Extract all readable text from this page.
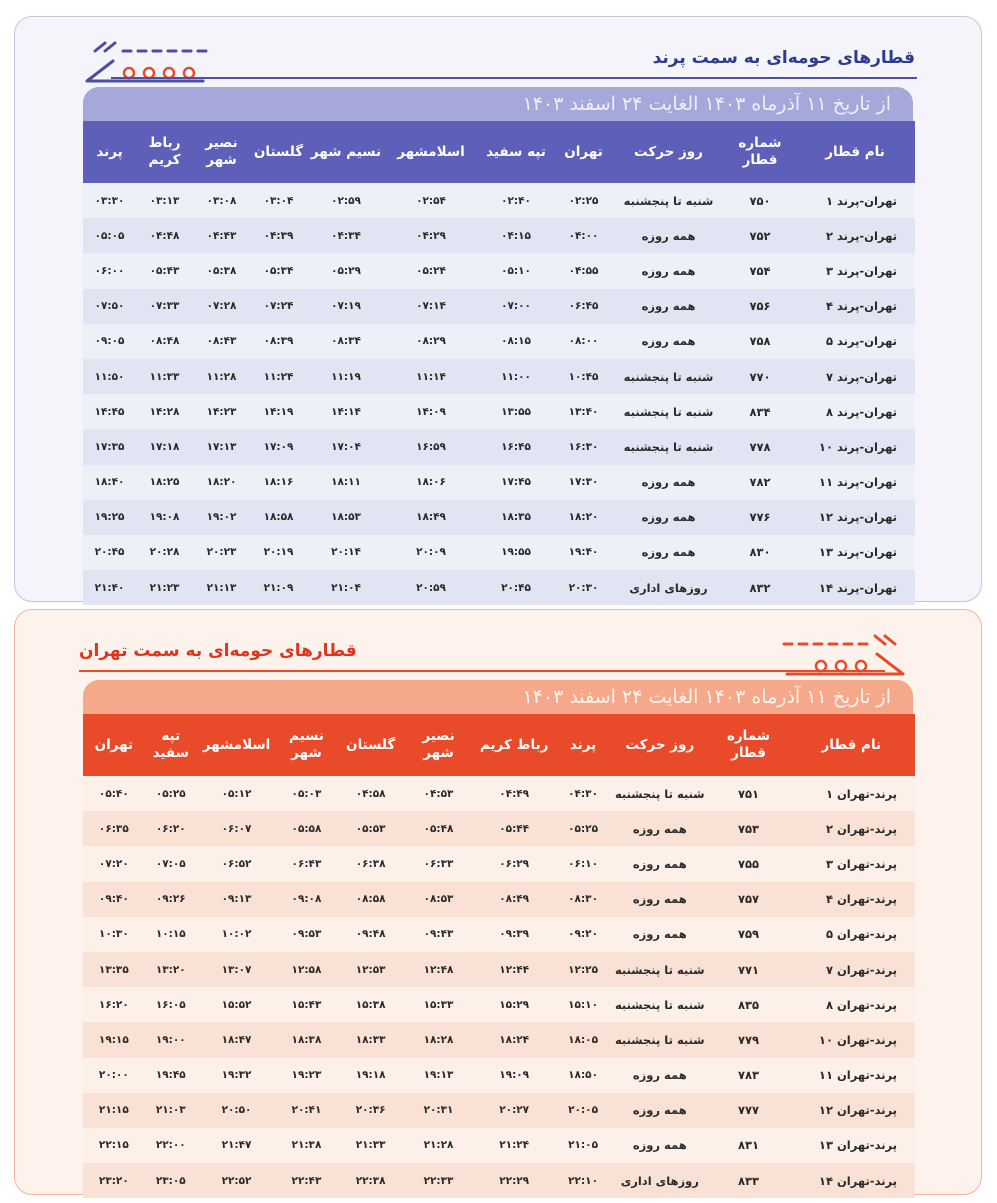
قطارهای حومه‌ای به سمت پرند
از تاریخ ۱۱ آذرماه ۱۴۰۳ الغایت ۲۴ اسفند ۱۴۰۳
نام قطار	شماره قطار	روز حرکت	تهران	تپه سفید	اسلامشهر	نسیم شهر	گلستان	نصیر شهر	رباط کریم	پرند
تهران-پرند ۱	۷۵۰	شنبه تا پنجشنبه	۰۲:۲۵	۰۲:۴۰	۰۲:۵۴	۰۲:۵۹	۰۳:۰۴	۰۳:۰۸	۰۳:۱۳	۰۳:۳۰
تهران-پرند ۲	۷۵۲	همه روزه	۰۴:۰۰	۰۴:۱۵	۰۴:۲۹	۰۴:۳۴	۰۴:۳۹	۰۴:۴۳	۰۴:۴۸	۰۵:۰۵
تهران-پرند ۳	۷۵۴	همه روزه	۰۴:۵۵	۰۵:۱۰	۰۵:۲۴	۰۵:۲۹	۰۵:۳۴	۰۵:۳۸	۰۵:۴۳	۰۶:۰۰
تهران-پرند ۴	۷۵۶	همه روزه	۰۶:۴۵	۰۷:۰۰	۰۷:۱۴	۰۷:۱۹	۰۷:۲۴	۰۷:۲۸	۰۷:۳۳	۰۷:۵۰
تهران-پرند ۵	۷۵۸	همه روزه	۰۸:۰۰	۰۸:۱۵	۰۸:۲۹	۰۸:۳۴	۰۸:۳۹	۰۸:۴۳	۰۸:۴۸	۰۹:۰۵
تهران-پرند ۷	۷۷۰	شنبه تا پنجشنبه	۱۰:۴۵	۱۱:۰۰	۱۱:۱۴	۱۱:۱۹	۱۱:۲۴	۱۱:۲۸	۱۱:۳۳	۱۱:۵۰
تهران-پرند ۸	۸۳۴	شنبه تا پنجشنبه	۱۳:۴۰	۱۳:۵۵	۱۴:۰۹	۱۴:۱۴	۱۴:۱۹	۱۴:۲۳	۱۴:۲۸	۱۴:۴۵
تهران-پرند ۱۰	۷۷۸	شنبه تا پنجشنبه	۱۶:۳۰	۱۶:۴۵	۱۶:۵۹	۱۷:۰۴	۱۷:۰۹	۱۷:۱۳	۱۷:۱۸	۱۷:۳۵
تهران-پرند ۱۱	۷۸۲	همه روزه	۱۷:۳۰	۱۷:۴۵	۱۸:۰۶	۱۸:۱۱	۱۸:۱۶	۱۸:۲۰	۱۸:۲۵	۱۸:۴۰
تهران-پرند ۱۲	۷۷۶	همه روزه	۱۸:۲۰	۱۸:۳۵	۱۸:۴۹	۱۸:۵۳	۱۸:۵۸	۱۹:۰۲	۱۹:۰۸	۱۹:۲۵
تهران-پرند ۱۳	۸۳۰	همه روزه	۱۹:۴۰	۱۹:۵۵	۲۰:۰۹	۲۰:۱۴	۲۰:۱۹	۲۰:۲۳	۲۰:۲۸	۲۰:۴۵
تهران-پرند ۱۴	۸۳۲	روزهای اداری	۲۰:۳۰	۲۰:۴۵	۲۰:۵۹	۲۱:۰۴	۲۱:۰۹	۲۱:۱۳	۲۱:۲۳	۲۱:۴۰
قطارهای حومه‌ای به سمت تهران
از تاریخ ۱۱ آذرماه ۱۴۰۳ الغایت ۲۴ اسفند ۱۴۰۳
نام قطار	شماره قطار	روز حرکت	پرند	رباط کریم	نصیر شهر	گلستان	نسیم شهر	اسلامشهر	تپه سفید	تهران
پرند-تهران ۱	۷۵۱	شنبه تا پنجشنبه	۰۴:۳۰	۰۴:۴۹	۰۴:۵۳	۰۴:۵۸	۰۵:۰۳	۰۵:۱۲	۰۵:۲۵	۰۵:۴۰
پرند-تهران ۲	۷۵۳	همه روزه	۰۵:۲۵	۰۵:۴۴	۰۵:۴۸	۰۵:۵۳	۰۵:۵۸	۰۶:۰۷	۰۶:۲۰	۰۶:۳۵
پرند-تهران ۳	۷۵۵	همه روزه	۰۶:۱۰	۰۶:۲۹	۰۶:۳۳	۰۶:۳۸	۰۶:۴۳	۰۶:۵۲	۰۷:۰۵	۰۷:۲۰
پرند-تهران ۴	۷۵۷	همه روزه	۰۸:۳۰	۰۸:۴۹	۰۸:۵۳	۰۸:۵۸	۰۹:۰۸	۰۹:۱۳	۰۹:۲۶	۰۹:۴۰
پرند-تهران ۵	۷۵۹	همه روزه	۰۹:۲۰	۰۹:۳۹	۰۹:۴۳	۰۹:۴۸	۰۹:۵۳	۱۰:۰۲	۱۰:۱۵	۱۰:۳۰
پرند-تهران ۷	۷۷۱	شنبه تا پنجشنبه	۱۲:۲۵	۱۲:۴۴	۱۲:۴۸	۱۲:۵۳	۱۲:۵۸	۱۳:۰۷	۱۳:۲۰	۱۳:۳۵
پرند-تهران ۸	۸۳۵	شنبه تا پنجشنبه	۱۵:۱۰	۱۵:۲۹	۱۵:۳۳	۱۵:۳۸	۱۵:۴۳	۱۵:۵۲	۱۶:۰۵	۱۶:۲۰
پرند-تهران ۱۰	۷۷۹	شنبه تا پنجشنبه	۱۸:۰۵	۱۸:۲۴	۱۸:۲۸	۱۸:۳۳	۱۸:۳۸	۱۸:۴۷	۱۹:۰۰	۱۹:۱۵
پرند-تهران ۱۱	۷۸۳	همه روزه	۱۸:۵۰	۱۹:۰۹	۱۹:۱۳	۱۹:۱۸	۱۹:۲۳	۱۹:۳۲	۱۹:۴۵	۲۰:۰۰
پرند-تهران ۱۲	۷۷۷	همه روزه	۲۰:۰۵	۲۰:۲۷	۲۰:۳۱	۲۰:۳۶	۲۰:۴۱	۲۰:۵۰	۲۱:۰۳	۲۱:۱۵
پرند-تهران ۱۳	۸۳۱	همه روزه	۲۱:۰۵	۲۱:۲۴	۲۱:۲۸	۲۱:۳۳	۲۱:۳۸	۲۱:۴۷	۲۲:۰۰	۲۲:۱۵
پرند-تهران ۱۴	۸۳۳	روزهای اداری	۲۲:۱۰	۲۲:۲۹	۲۲:۳۳	۲۲:۳۸	۲۲:۴۳	۲۲:۵۲	۲۳:۰۵	۲۳:۲۰
